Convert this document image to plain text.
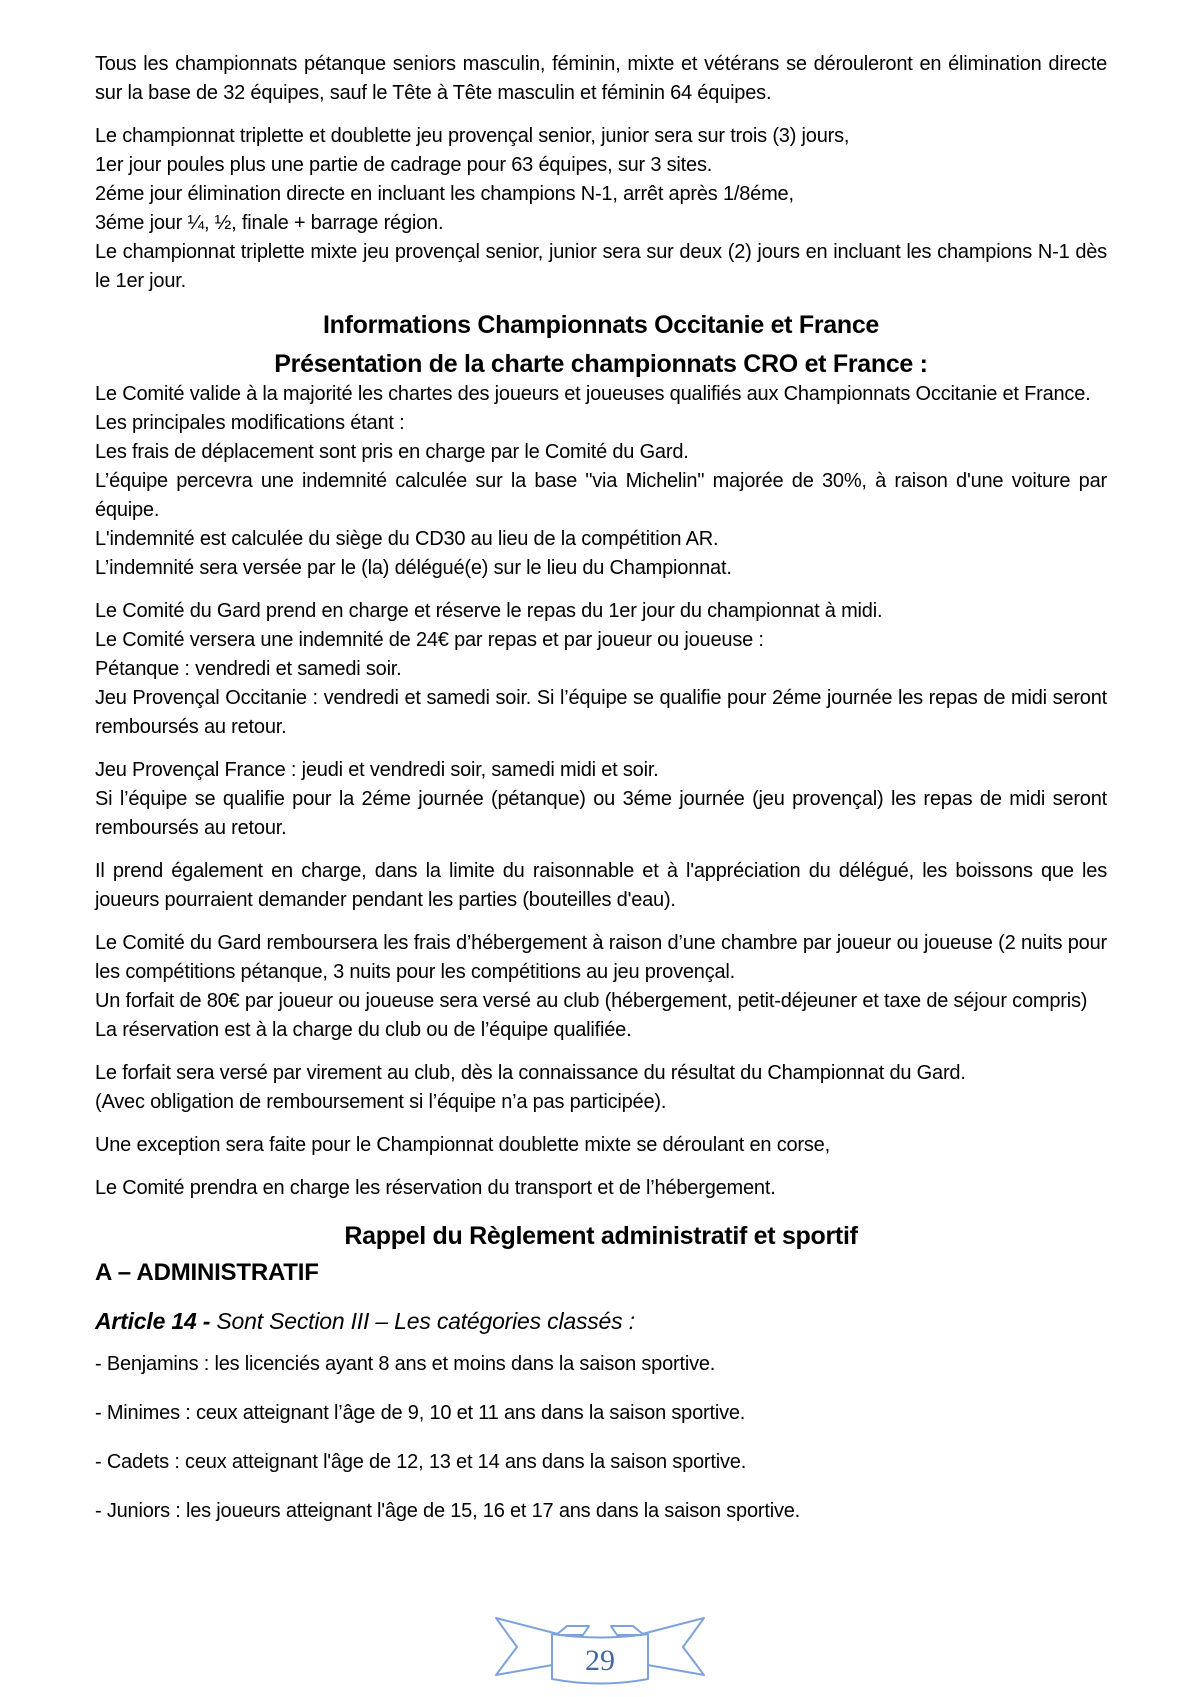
Tous les championnats pétanque seniors masculin, féminin, mixte et vétérans se dérouleront en élimination directe sur la base de 32 équipes, sauf le Tête à Tête masculin et féminin 64 équipes.
Le championnat triplette et doublette jeu provençal senior, junior sera sur trois (3) jours,
1er jour poules plus une partie de cadrage pour 63 équipes, sur 3 sites.
2éme jour élimination directe en incluant les champions N-1, arrêt après 1/8éme,
3éme jour ¼, ½, finale + barrage région.
Le championnat triplette mixte jeu provençal senior, junior sera sur deux (2) jours en incluant les champions N-1 dès le 1er jour.
Informations Championnats Occitanie et France
Présentation de la charte championnats CRO et France :
Le Comité valide à la majorité les chartes des joueurs et joueuses qualifiés aux Championnats Occitanie et France.
Les principales modifications étant :
Les frais de déplacement sont pris en charge par le Comité du Gard.
L’équipe percevra une indemnité calculée sur la base "via Michelin" majorée de 30%, à raison d'une voiture par équipe.
L'indemnité est calculée du siège du CD30 au lieu de la compétition AR.
L’indemnité sera versée par le (la) délégué(e) sur le lieu du Championnat.
Le Comité du Gard prend en charge et réserve le repas du 1er jour du championnat à midi.
Le Comité versera une indemnité de 24€ par repas et par joueur ou joueuse :
Pétanque : vendredi et samedi soir.
Jeu Provençal Occitanie : vendredi et samedi soir. Si l’équipe se qualifie pour 2éme journée les repas de midi seront remboursés au retour.
Jeu Provençal France : jeudi et vendredi soir, samedi midi et soir.
Si l’équipe se qualifie pour la 2éme journée (pétanque) ou 3éme journée (jeu provençal) les repas de midi seront remboursés au retour.
Il prend également en charge, dans la limite du raisonnable et à l'appréciation du délégué, les boissons que les joueurs pourraient demander pendant les parties (bouteilles d'eau).
Le Comité du Gard remboursera les frais d’hébergement à raison d’une chambre par joueur ou joueuse (2 nuits pour les compétitions pétanque, 3 nuits pour les compétitions au jeu provençal.
Un forfait de 80€ par joueur ou joueuse sera versé au club (hébergement, petit-déjeuner et taxe de séjour compris)
La réservation est à la charge du club ou de l’équipe qualifiée.
Le forfait sera versé par virement au club, dès la connaissance du résultat du Championnat du Gard.
(Avec obligation de remboursement si l’équipe n’a pas participée).
Une exception sera faite pour le Championnat doublette mixte se déroulant en corse,
Le Comité prendra en charge les réservation du transport et de l’hébergement.
Rappel du Règlement administratif et sportif
A – ADMINISTRATIF
Article 14 - Sont Section III – Les catégories classés :
- Benjamins : les licenciés ayant 8 ans et moins dans la saison sportive.
- Minimes : ceux atteignant l’âge de 9, 10 et 11 ans dans la saison sportive.
- Cadets : ceux atteignant l'âge de 12, 13 et 14 ans dans la saison sportive.
- Juniors : les joueurs atteignant l'âge de 15, 16 et 17 ans dans la saison sportive.
29
